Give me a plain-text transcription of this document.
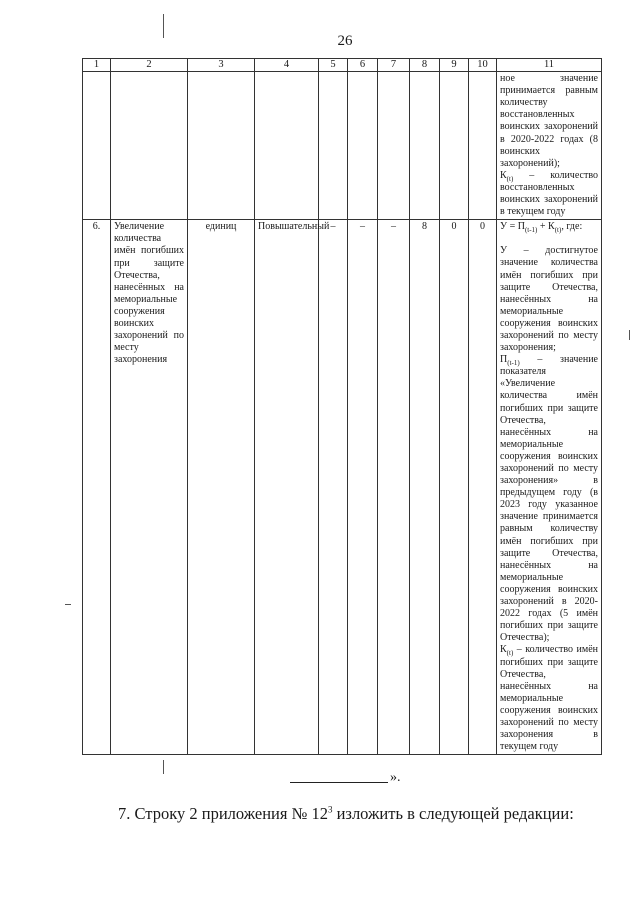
26
1	2	3	4	5	6	7	8	9	10	11

										ное значение принимается равным количеству восстановленных воинских захоронений в 2020-2022 годах (8 воинских захоронений);
$К_{(t)}$ – количество восстановленных воинских захоронений в текущем году

6.	Увеличение количества имён погибших при защите Отечества, нанесённых на мемориальные сооружения воинских захоронений по месту захоронения	единиц	Повышательный	–	–	–	8	0	0	$У = П_{(t-1)} + К_{(t)}$, где:
У – достигнутое значение количества имён погибших при защите Отечества, нанесённых на мемориальные сооружения воинских захоронений по месту захоронения;
$П_{(t-1)}$ – значение показателя «Увеличение количества имён погибших при защите Отечества, нанесённых на мемориальные сооружения воинских захоронений по месту захоронения» в предыдущем году (в 2023 году указанное значение принимается равным количеству имён погибших при защите Отечества, нанесённых на мемориальные сооружения воинских захоронений в 2020-2022 годах (5 имён погибших при защите Отечества);
$К_{(t)}$ – количество имён погибших при защите Отечества, нанесённых на мемориальные сооружения воинских захоронений по месту захоронения в текущем году
».
7. Строку 2 приложения № $12^3$ изложить в следующей редакции:
